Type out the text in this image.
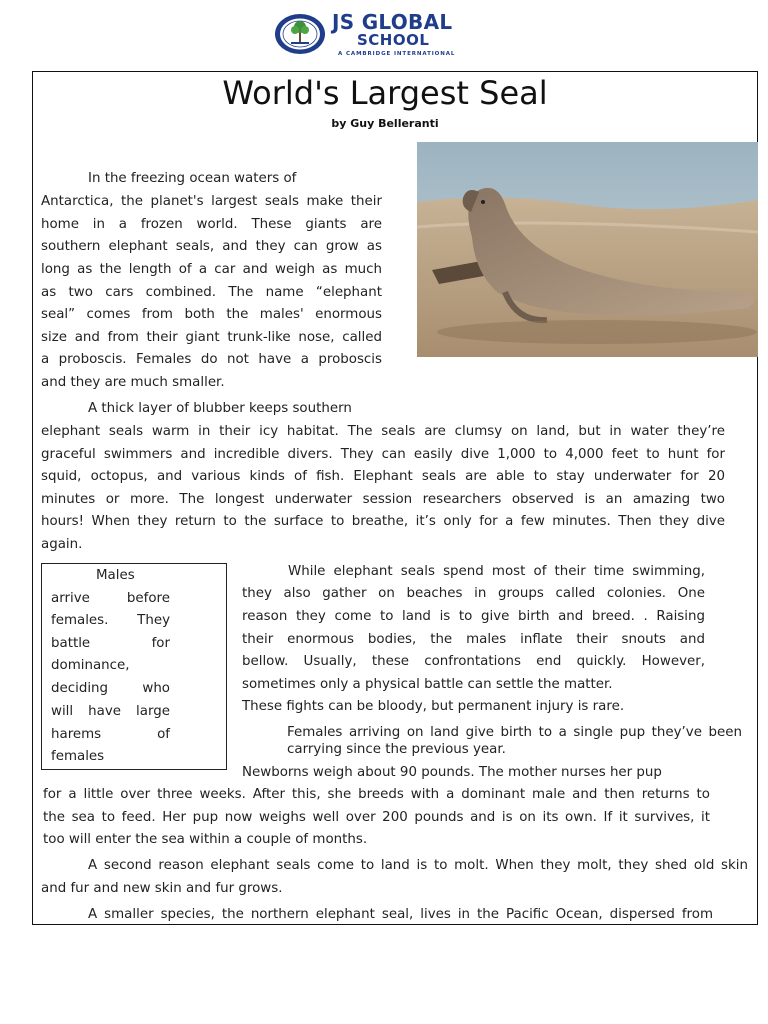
JS GLOBAL
SCHOOL
A CAMBRIDGE INTERNATIONAL
World's Largest Seal
by Guy Belleranti
In the freezing ocean waters of
Antarctica, the planet's largest seals make their
home in a frozen world. These giants are
southern elephant seals, and they can grow as
long as the length of a car and weigh as much
as two cars combined. The name “elephant
seal” comes from both the males' enormous
size and from their giant trunk-like nose, called
a proboscis. Females do not have a proboscis
and they are much smaller.
A thick layer of blubber keeps southern
elephant seals warm in their icy habitat. The seals are clumsy on land, but in water they’re
graceful swimmers and incredible divers. They can easily dive 1,000 to 4,000 feet to hunt for
squid, octopus, and various kinds of fish. Elephant seals are able to stay underwater for 20
minutes or more. The longest underwater session researchers observed is an amazing two
hours! When they return to the surface to breathe, it’s only for a few minutes. Then they dive
again.
Males
arrive before
females. They
battle for
dominance,
deciding who
will have large
harems of
females
While elephant seals spend most of their time swimming,
they also gather on beaches in groups called colonies. One
reason they come to land is to give birth and breed. . Raising
their enormous bodies, the males inflate their snouts and
bellow. Usually, these confrontations end quickly. However,
sometimes only a physical battle can settle the matter.
These fights can be bloody, but permanent injury is rare.
Females arriving on land give birth to a single pup they’ve been
carrying since the previous year.
Newborns weigh about 90 pounds. The mother nurses her pup
for a little over three weeks. After this, she breeds with a dominant male and then returns to
the sea to feed. Her pup now weighs well over 200 pounds and is on its own. If it survives, it
too will enter the sea within a couple of months.
A second reason elephant seals come to land is to molt. When they molt, they shed old skin
and fur and new skin and fur grows.
A smaller species, the northern elephant seal, lives in the Pacific Ocean, dispersed from
